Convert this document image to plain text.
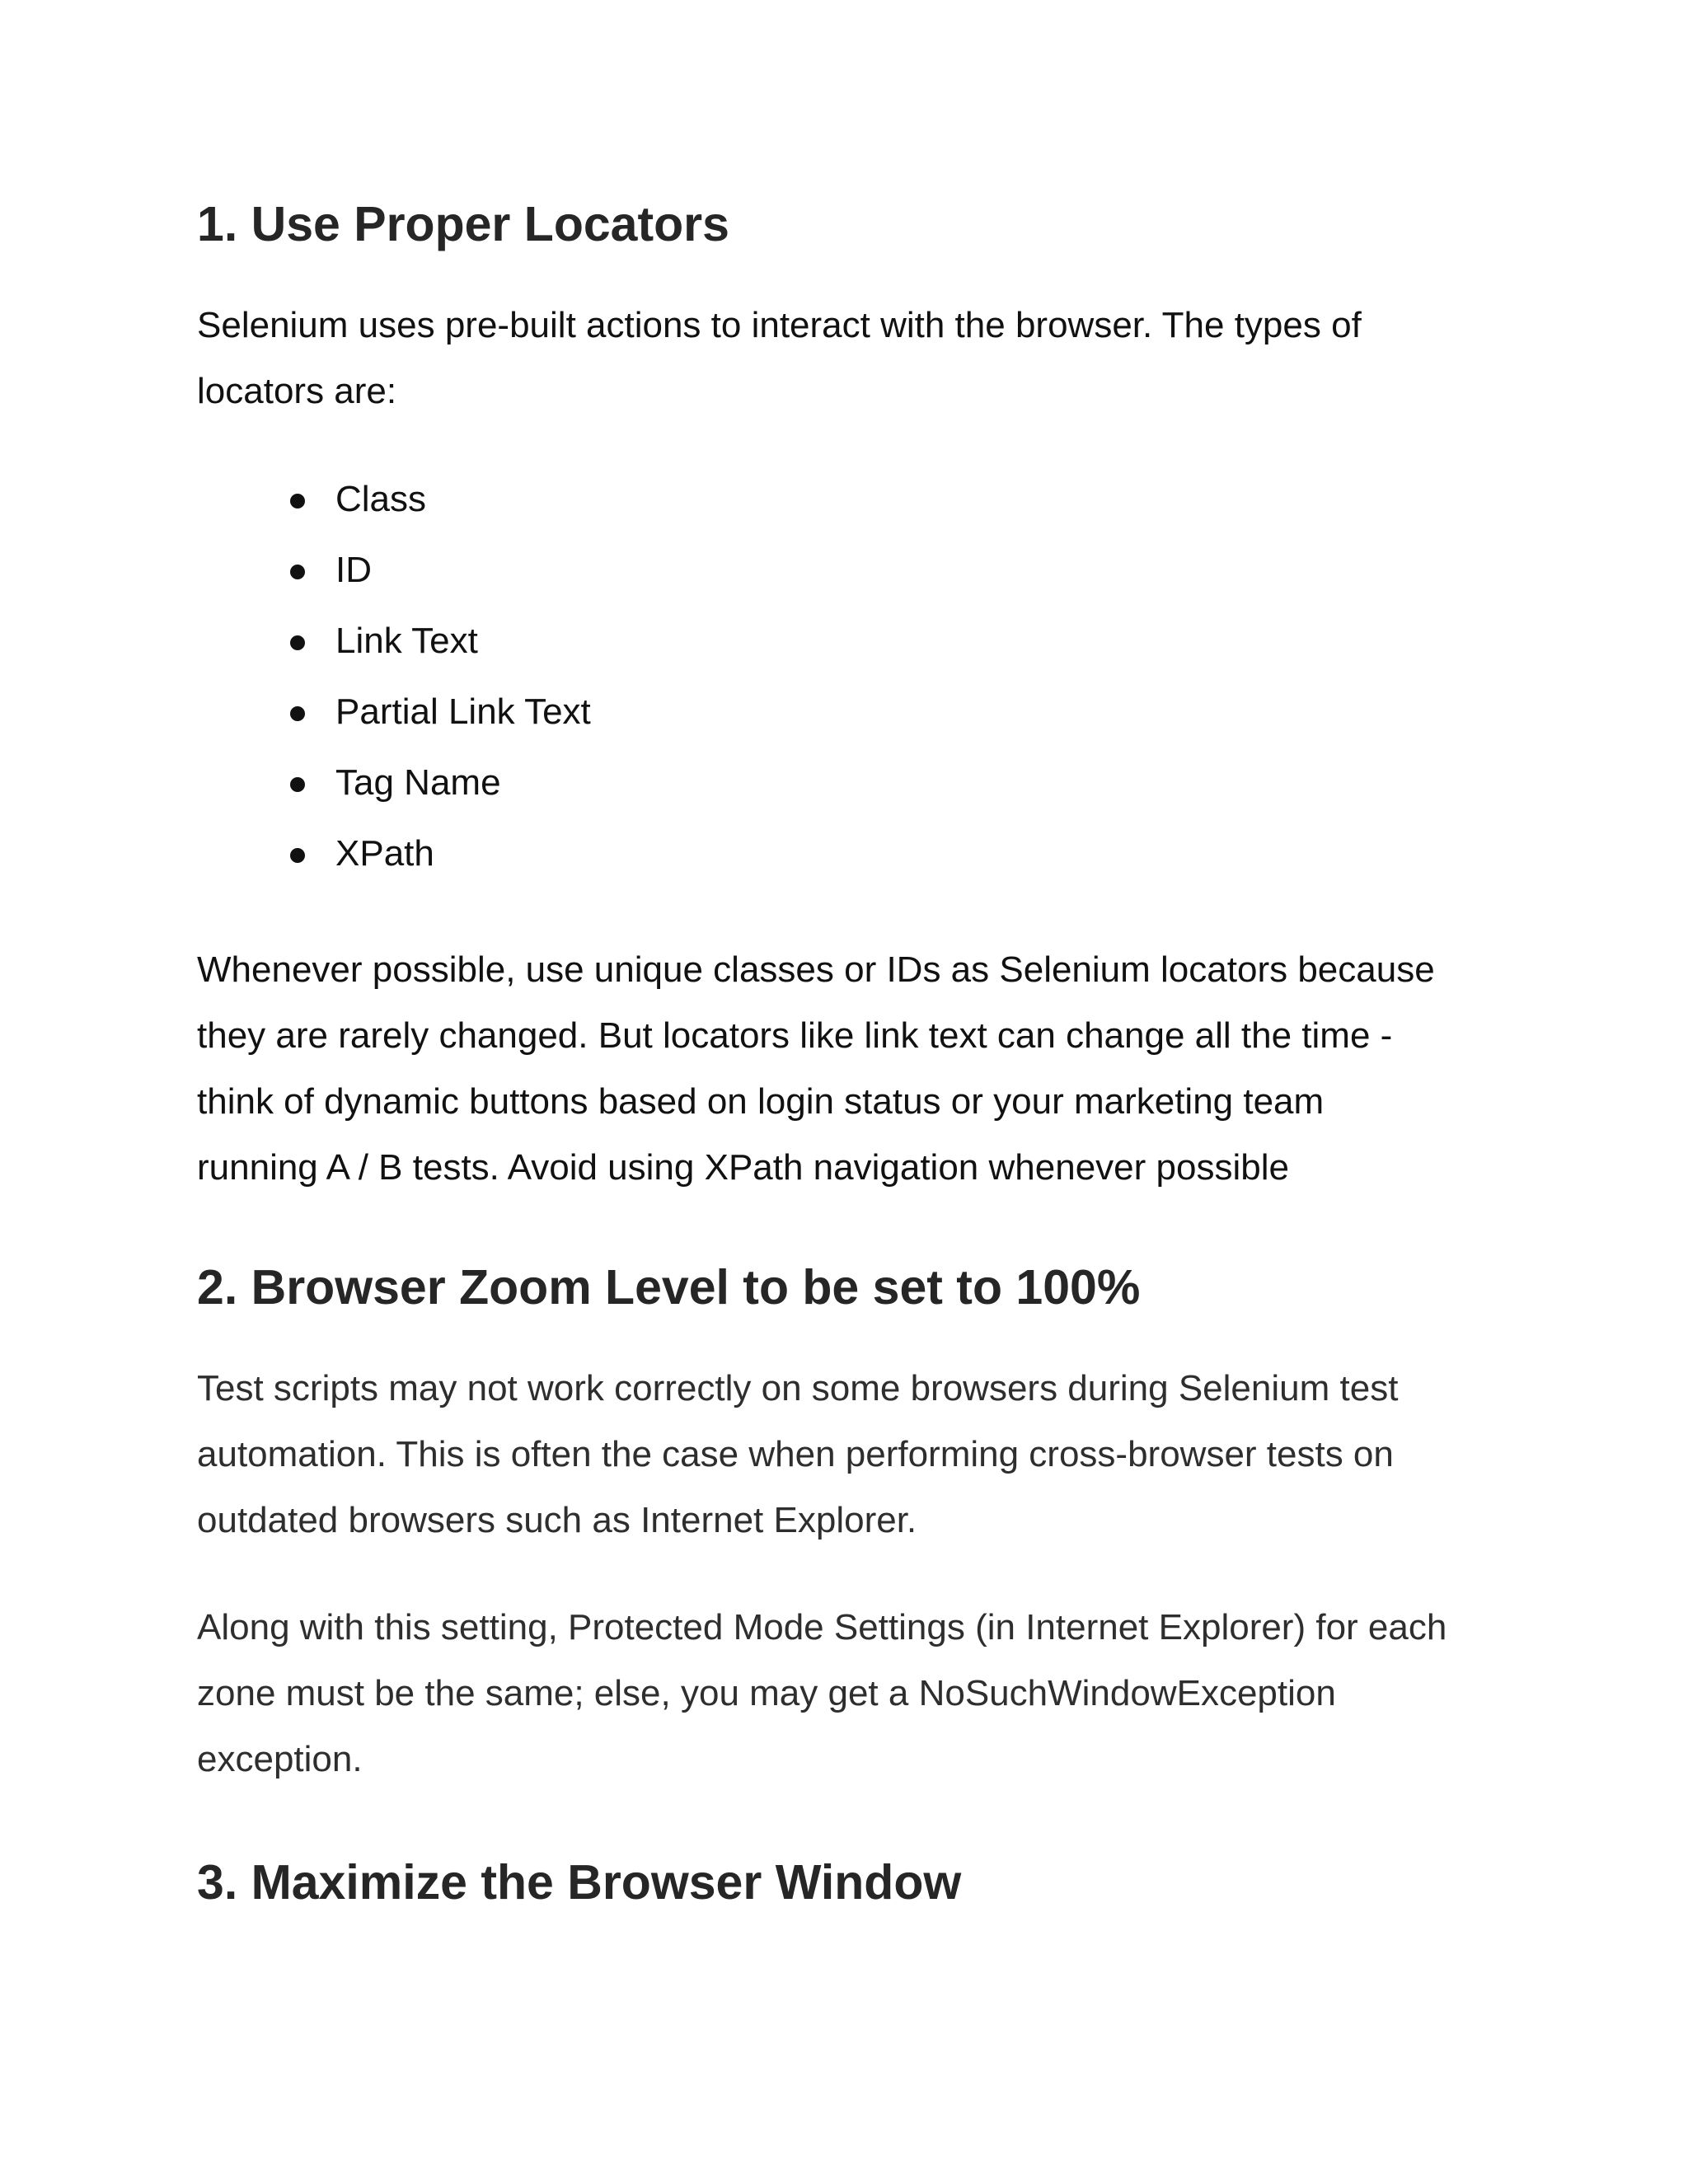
1. Use Proper Locators

Selenium uses pre-built actions to interact with the browser. The types of
locators are:

Class
ID
Link Text
Partial Link Text
Tag Name
XPath

Whenever possible, use unique classes or IDs as Selenium locators because
they are rarely changed. But locators like link text can change all the time -
think of dynamic buttons based on login status or your marketing team
running A / B tests. Avoid using XPath navigation whenever possible

2. Browser Zoom Level to be set to 100%

Test scripts may not work correctly on some browsers during Selenium test
automation. This is often the case when performing cross-browser tests on
outdated browsers such as Internet Explorer.

Along with this setting, Protected Mode Settings (in Internet Explorer) for each
zone must be the same; else, you may get a NoSuchWindowException
exception.

3. Maximize the Browser Window
